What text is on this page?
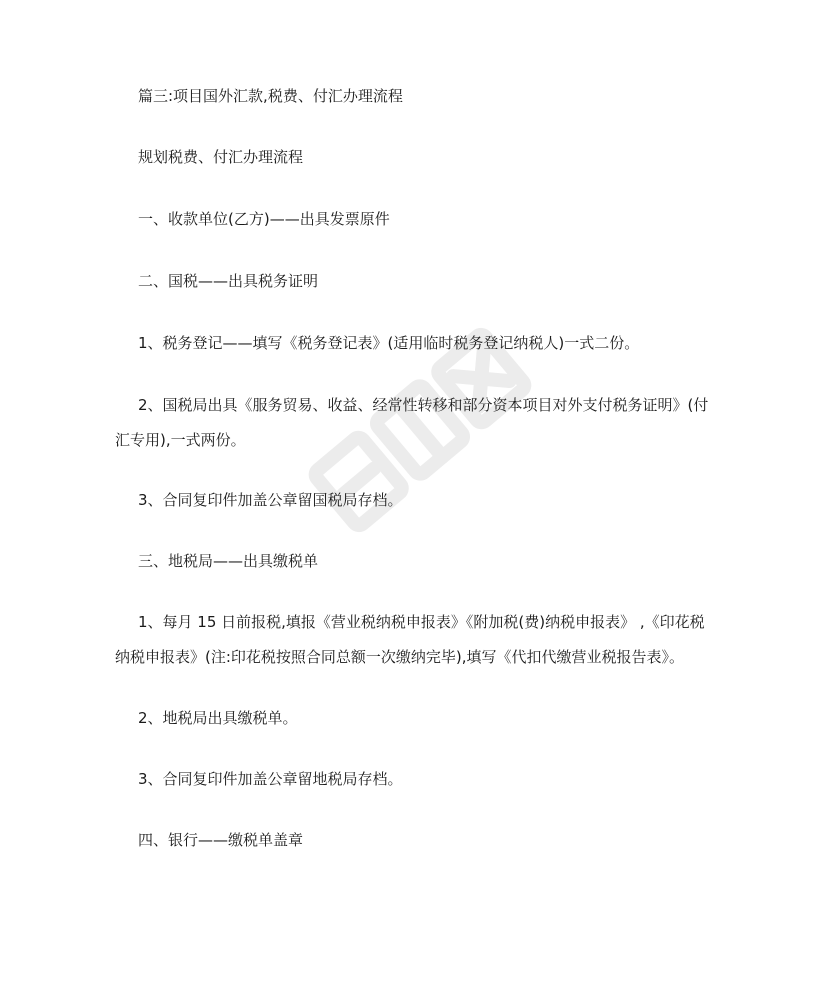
篇三:项目国外汇款,税费、付汇办理流程

规划税费、付汇办理流程

一、收款单位(乙方)——出具发票原件

二、国税——出具税务证明

1、税务登记——填写《税务登记表》(适用临时税务登记纳税人)一式二份。

2、国税局出具《服务贸易、收益、经常性转移和部分资本项目对外支付税务证明》(付

汇专用),一式两份。

3、合同复印件加盖公章留国税局存档。

三、地税局——出具缴税单

1、每月 15 日前报税,填报《营业税纳税申报表》《附加税(费)纳税申报表》 ,《印花税

纳税申报表》(注:印花税按照合同总额一次缴纳完毕),填写《代扣代缴营业税报告表》。

2、地税局出具缴税单。

3、合同复印件加盖公章留地税局存档。

四、银行——缴税单盖章
